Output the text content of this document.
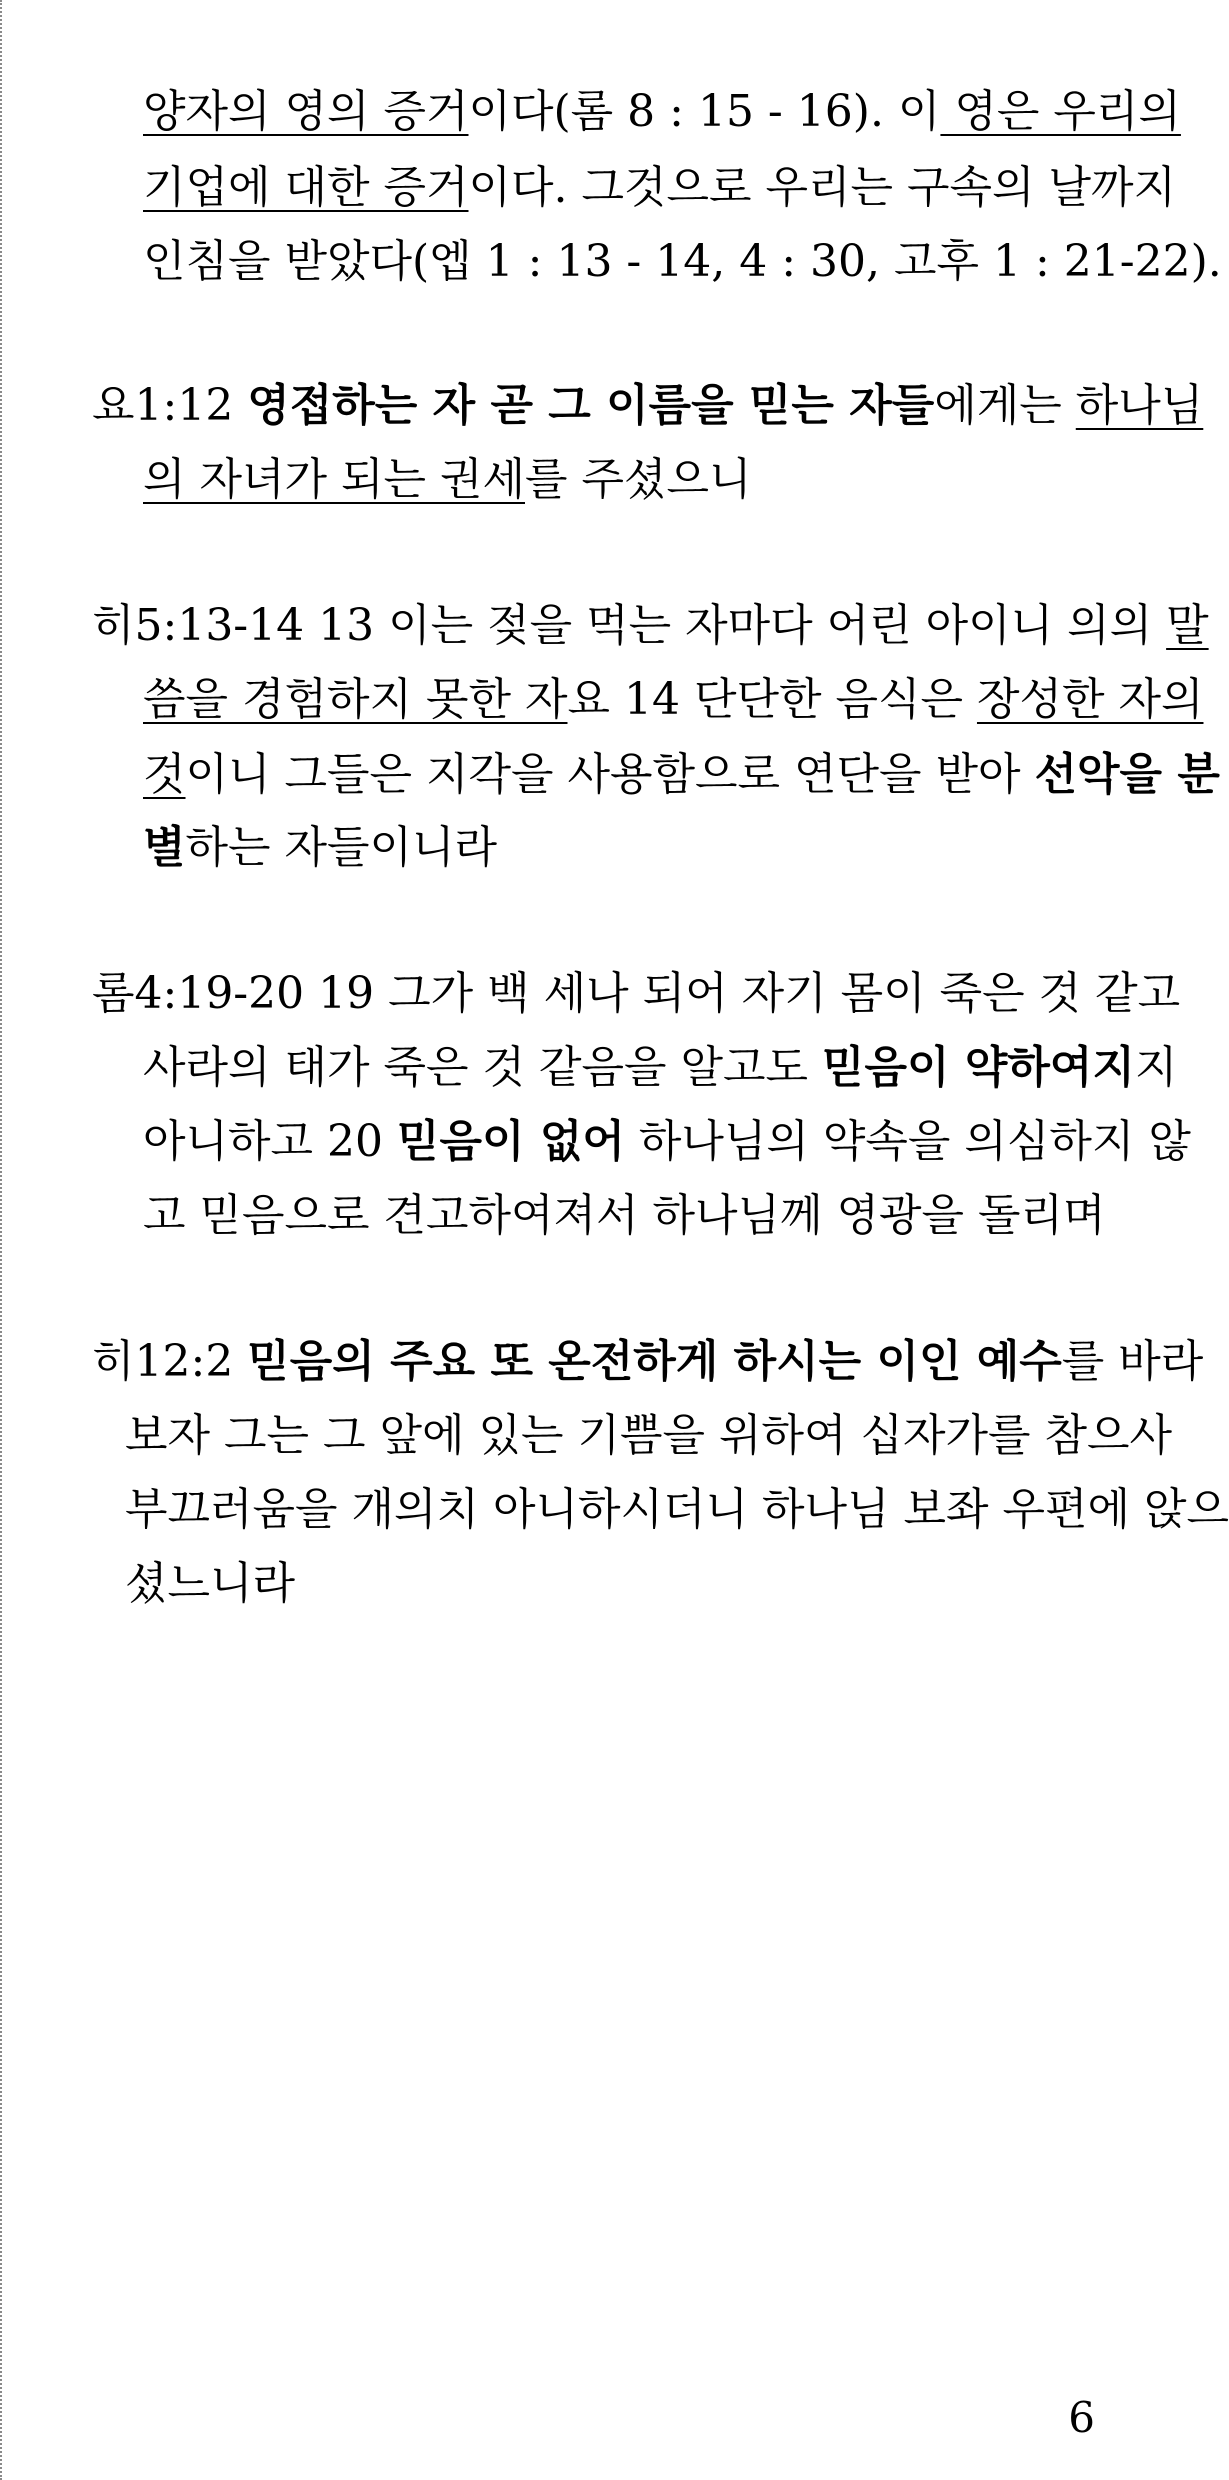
양자의 영의 증거이다(롬 8 : 15 - 16). 이 영은 우리의
기업에 대한 증거이다. 그것으로 우리는 구속의 날까지
인침을 받았다(엡 1 : 13 - 14, 4 : 30, 고후 1 : 21-22).
요1:12 영접하는 자 곧 그 이름을 믿는 자들에게는 하나님
의 자녀가 되는 권세를 주셨으니
히5:13-14 13 이는 젖을 먹는 자마다 어린 아이니 의의 말
씀을 경험하지 못한 자요 14 단단한 음식은 장성한 자의
것이니 그들은 지각을 사용함으로 연단을 받아 선악을 분
별하는 자들이니라
롬4:19-20 19 그가 백 세나 되어 자기 몸이 죽은 것 같고
사라의 태가 죽은 것 같음을 알고도 믿음이 약하여지지
아니하고 20 믿음이 없어 하나님의 약속을 의심하지 않
고 믿음으로 견고하여져서 하나님께 영광을 돌리며
히12:2 믿음의 주요 또 온전하게 하시는 이인 예수를 바라
보자 그는 그 앞에 있는 기쁨을 위하여 십자가를 참으사
부끄러움을 개의치 아니하시더니 하나님 보좌 우편에 앉으
셨느니라
6
